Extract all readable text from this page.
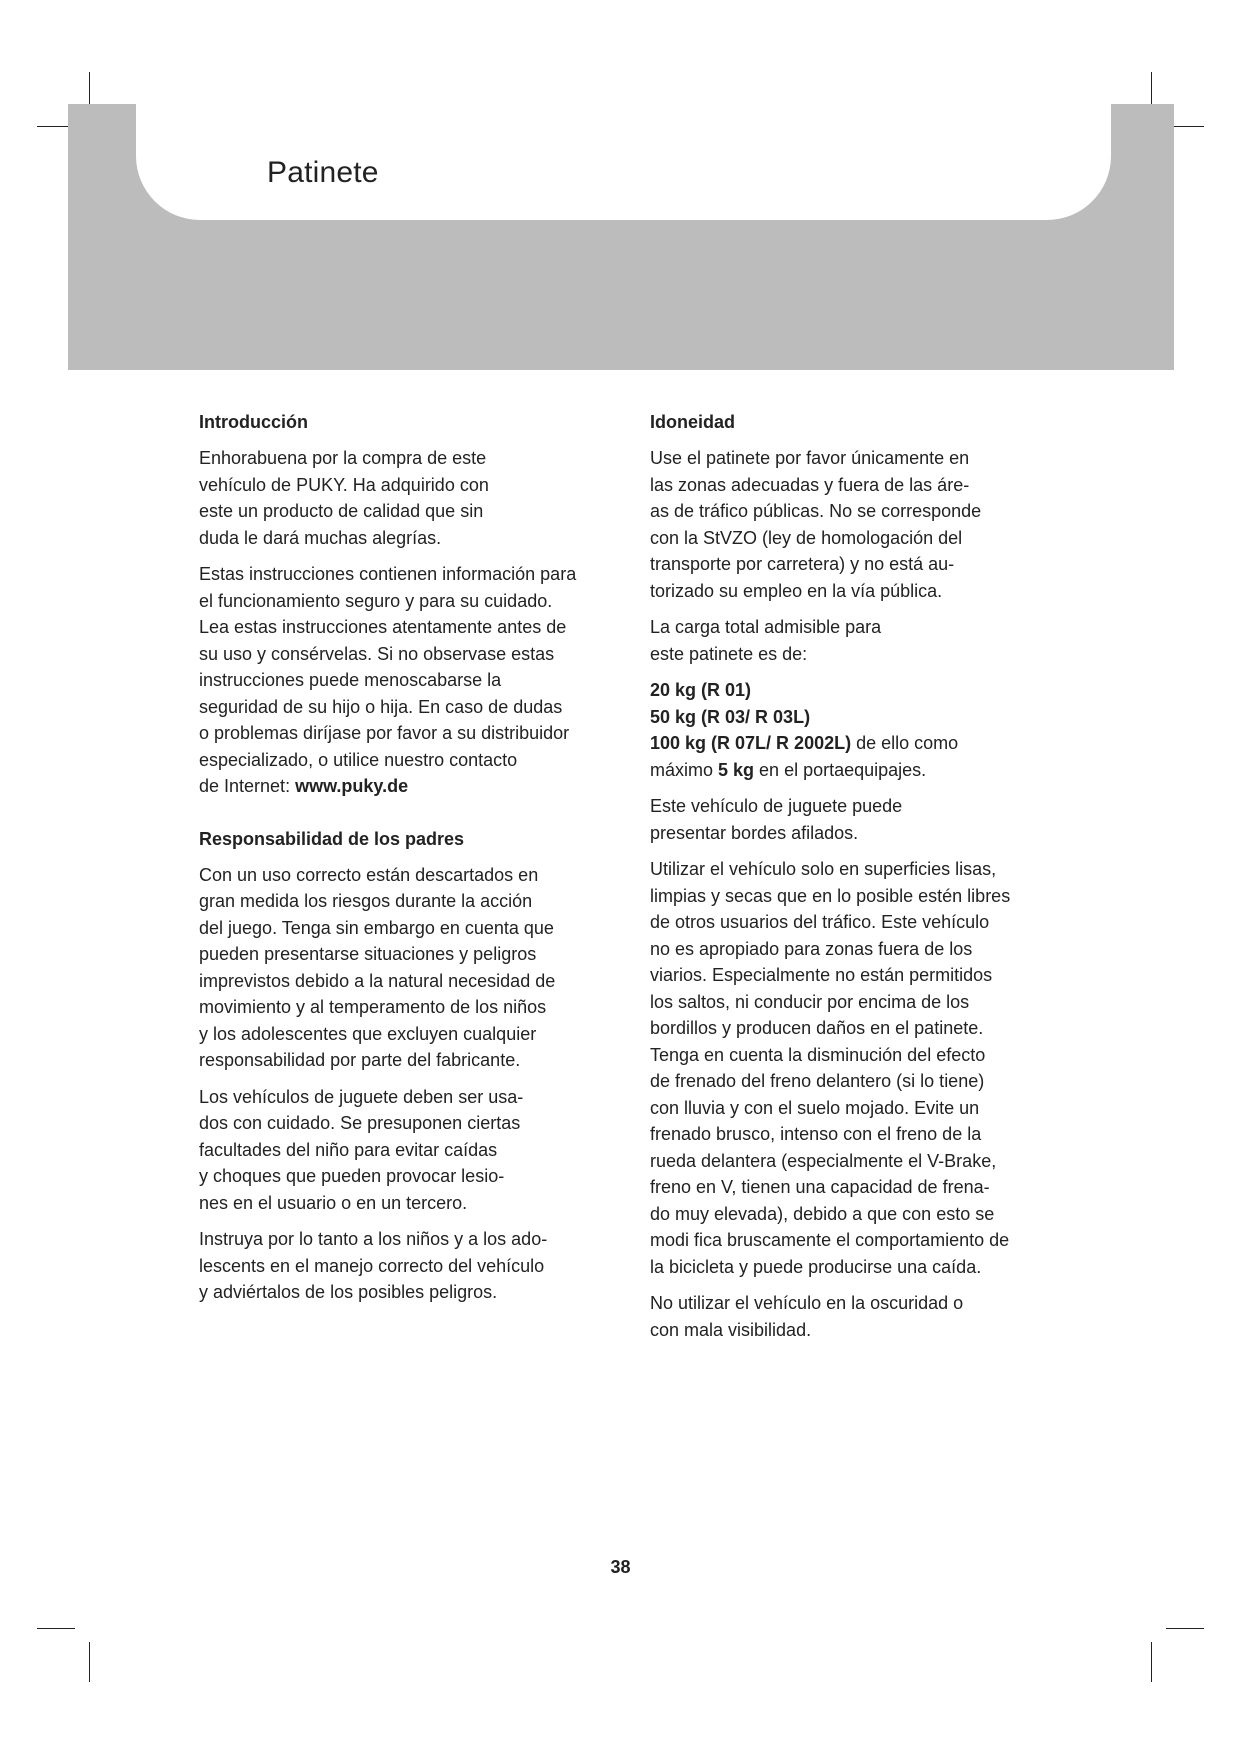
Patinete
Introducción

Enhorabuena por la compra de este
vehículo de PUKY. Ha adquirido con
este un producto de calidad que sin
duda le dará muchas alegrías.

Estas instrucciones contienen información para
el funcionamiento seguro y para su cuidado.
Lea estas instrucciones atentamente antes de
su uso y consérvelas. Si no observase estas
instrucciones puede menoscabarse la
seguridad de su hijo o hija. En caso de dudas
o problemas diríjase por favor a su distribuidor
especializado, o utilice nuestro contacto
de Internet: www.puky.de

Responsabilidad de los padres

Con un uso correcto están descartados en
gran medida los riesgos durante la acción
del juego. Tenga sin embargo en cuenta que
pueden presentarse situaciones y peligros
imprevistos debido a la natural necesidad de
movimiento y al temperamento de los niños
y los adolescentes que excluyen cualquier
responsabilidad por parte del fabricante.

Los vehículos de juguete deben ser usa-
dos con cuidado. Se presuponen ciertas
facultades del niño para evitar caídas
y choques que pueden provocar lesio-
nes en el usuario o en un tercero.

Instruya por lo tanto a los niños y a los ado-
lescents en el manejo correcto del vehículo
y adviértalos de los posibles peligros.

Idoneidad

Use el patinete por favor únicamente en
las zonas adecuadas y fuera de las áre-
as de tráfico públicas. No se corresponde
con la StVZO (ley de homologación del
transporte por carretera) y no está au-
torizado su empleo en la vía pública.

La carga total admisible para
este patinete es de:

20 kg (R 01)
50 kg (R 03/ R 03L)
100 kg (R 07L/ R 2002L) de ello como
máximo 5 kg en el portaequipajes.

Este vehículo de juguete puede
presentar bordes afilados.

Utilizar el vehículo solo en superficies lisas,
limpias y secas que en lo posible estén libres
de otros usuarios del tráfico. Este vehículo
no es apropiado para zonas fuera de los
viarios. Especialmente no están permitidos
los saltos, ni conducir por encima de los
bordillos y producen daños en el patinete.
Tenga en cuenta la disminución del efecto
de frenado del freno delantero (si lo tiene)
con lluvia y con el suelo mojado. Evite un
frenado brusco, intenso con el freno de la
rueda delantera (especialmente el V-Brake,
freno en V, tienen una capacidad de frena-
do muy elevada), debido a que con esto se
modi fica bruscamente el comportamiento de
la bicicleta y puede producirse una caída.

No utilizar el vehículo en la oscuridad o
con mala visibilidad.

38
